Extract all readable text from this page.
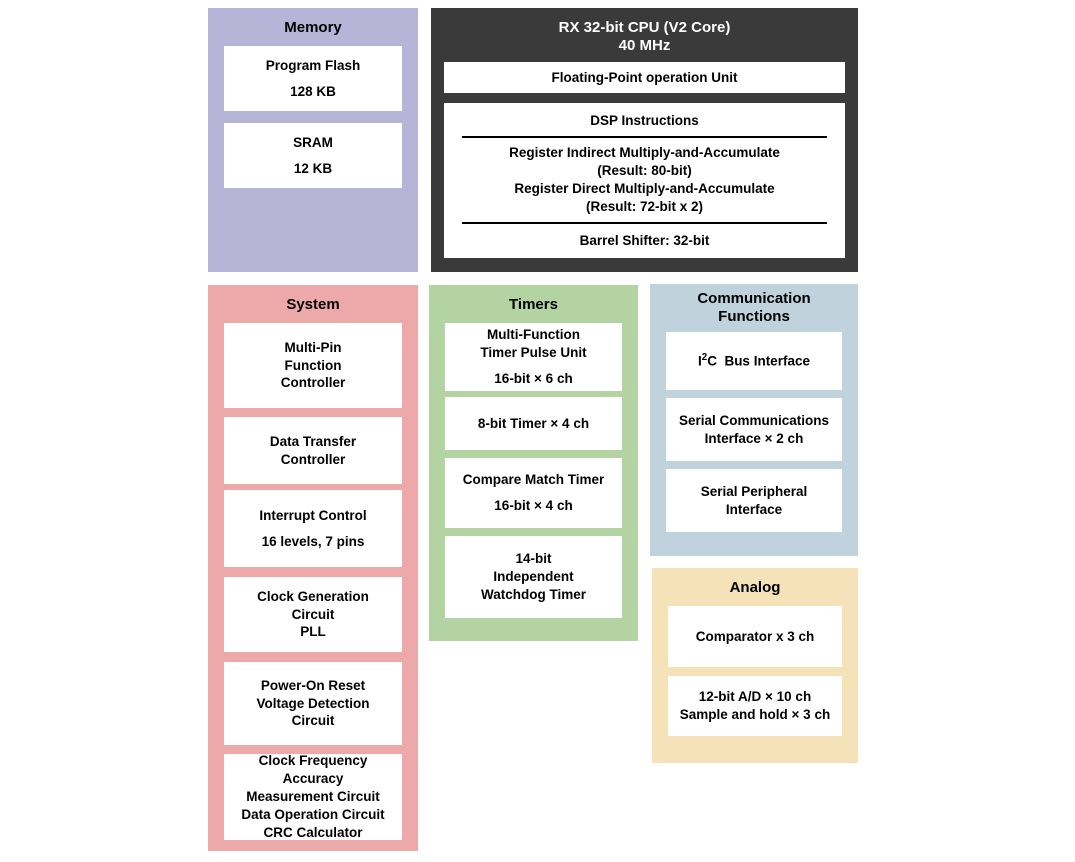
Memory
Program Flash
128 KB
SRAM
12 KB
RX 32-bit CPU (V2 Core)
40 MHz
Floating-Point operation Unit
DSP Instructions
Register Indirect Multiply-and-Accumulate
(Result: 80-bit)
Register Direct Multiply-and-Accumulate
(Result: 72-bit x 2)
Barrel Shifter: 32-bit
System
Multi-Pin
Function
Controller
Data Transfer
Controller
Interrupt Control
16 levels, 7 pins
Clock Generation
Circuit
PLL
Power-On Reset
Voltage Detection
Circuit
Clock Frequency
Accuracy
Measurement Circuit
Data Operation Circuit
CRC Calculator
Timers
Multi-Function
Timer Pulse Unit
16-bit × 6 ch
8-bit Timer × 4 ch
Compare Match Timer
16-bit × 4 ch
14-bit
Independent
Watchdog Timer
Communication
Functions
$I^2C$  Bus Interface
Serial Communications
Interface × 2 ch
Serial Peripheral
Interface
Analog
Comparator x 3 ch
12-bit A/D × 10 ch
Sample and hold × 3 ch
